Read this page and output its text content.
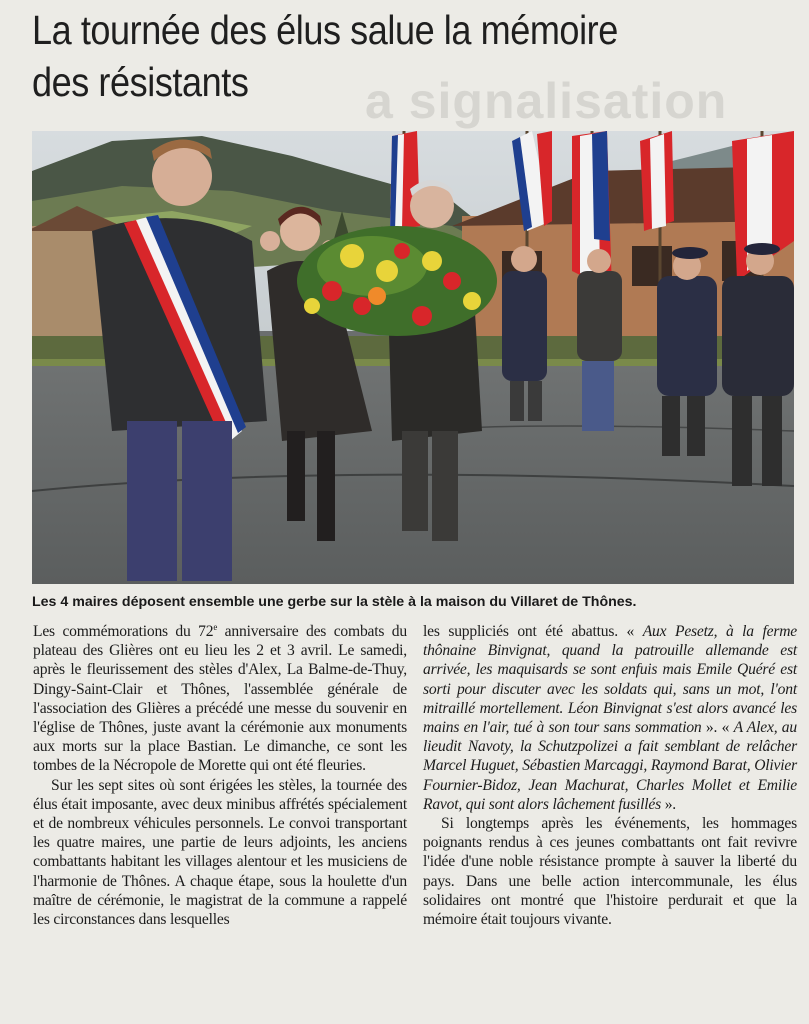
a signalisation
La tournée des élus salue la mémoire
des résistants

Les 4 maires déposent ensemble une gerbe sur la stèle à la maison du Villaret de Thônes.

Les commémorations du 72e anniversaire des combats du plateau des Glières ont eu lieu les 2 et 3 avril. Le samedi, après le fleurissement des stèles d'Alex, La Balme-de-Thuy, Dingy-Saint-Clair et Thônes, l'assemblée générale de l'association des Glières a précédé une messe du souvenir en l'église de Thônes, juste avant la cérémonie aux monuments aux morts sur la place Bastian. Le dimanche, ce sont les tombes de la Nécropole de Morette qui ont été fleuries.

Sur les sept sites où sont érigées les stèles, la tournée des élus était imposante, avec deux minibus affrétés spécialement et de nombreux véhicules personnels. Le convoi transportant les quatre maires, une partie de leurs adjoints, les anciens combattants habitant les villages alentour et les musiciens de l'harmonie de Thônes. A chaque étape, sous la houlette d'un maître de cérémonie, le magistrat de la commune a rappelé les circonstances dans lesquelles

les suppliciés ont été abattus. « Aux Pesetz, à la ferme thônaine Binvignat, quand la patrouille allemande est arrivée, les maquisards se sont enfuis mais Emile Quéré est sorti pour discuter avec les soldats qui, sans un mot, l'ont mitraillé mortellement. Léon Binvignat s'est alors avancé les mains en l'air, tué à son tour sans sommation ». « A Alex, au lieudit Navoty, la Schutzpolizei a fait semblant de relâcher Marcel Huguet, Sébastien Marcaggi, Raymond Barat, Olivier Fournier-Bidoz, Jean Machurat, Charles Mollet et Emilie Ravot, qui sont alors lâchement fusillés ».

Si longtemps après les événements, les hommages poignants rendus à ces jeunes combattants ont fait revivre l'idée d'une noble résistance prompte à sauver la liberté du pays. Dans une belle action intercommunale, les élus solidaires ont montré que l'histoire perdurait et que la mémoire était toujours vivante.
